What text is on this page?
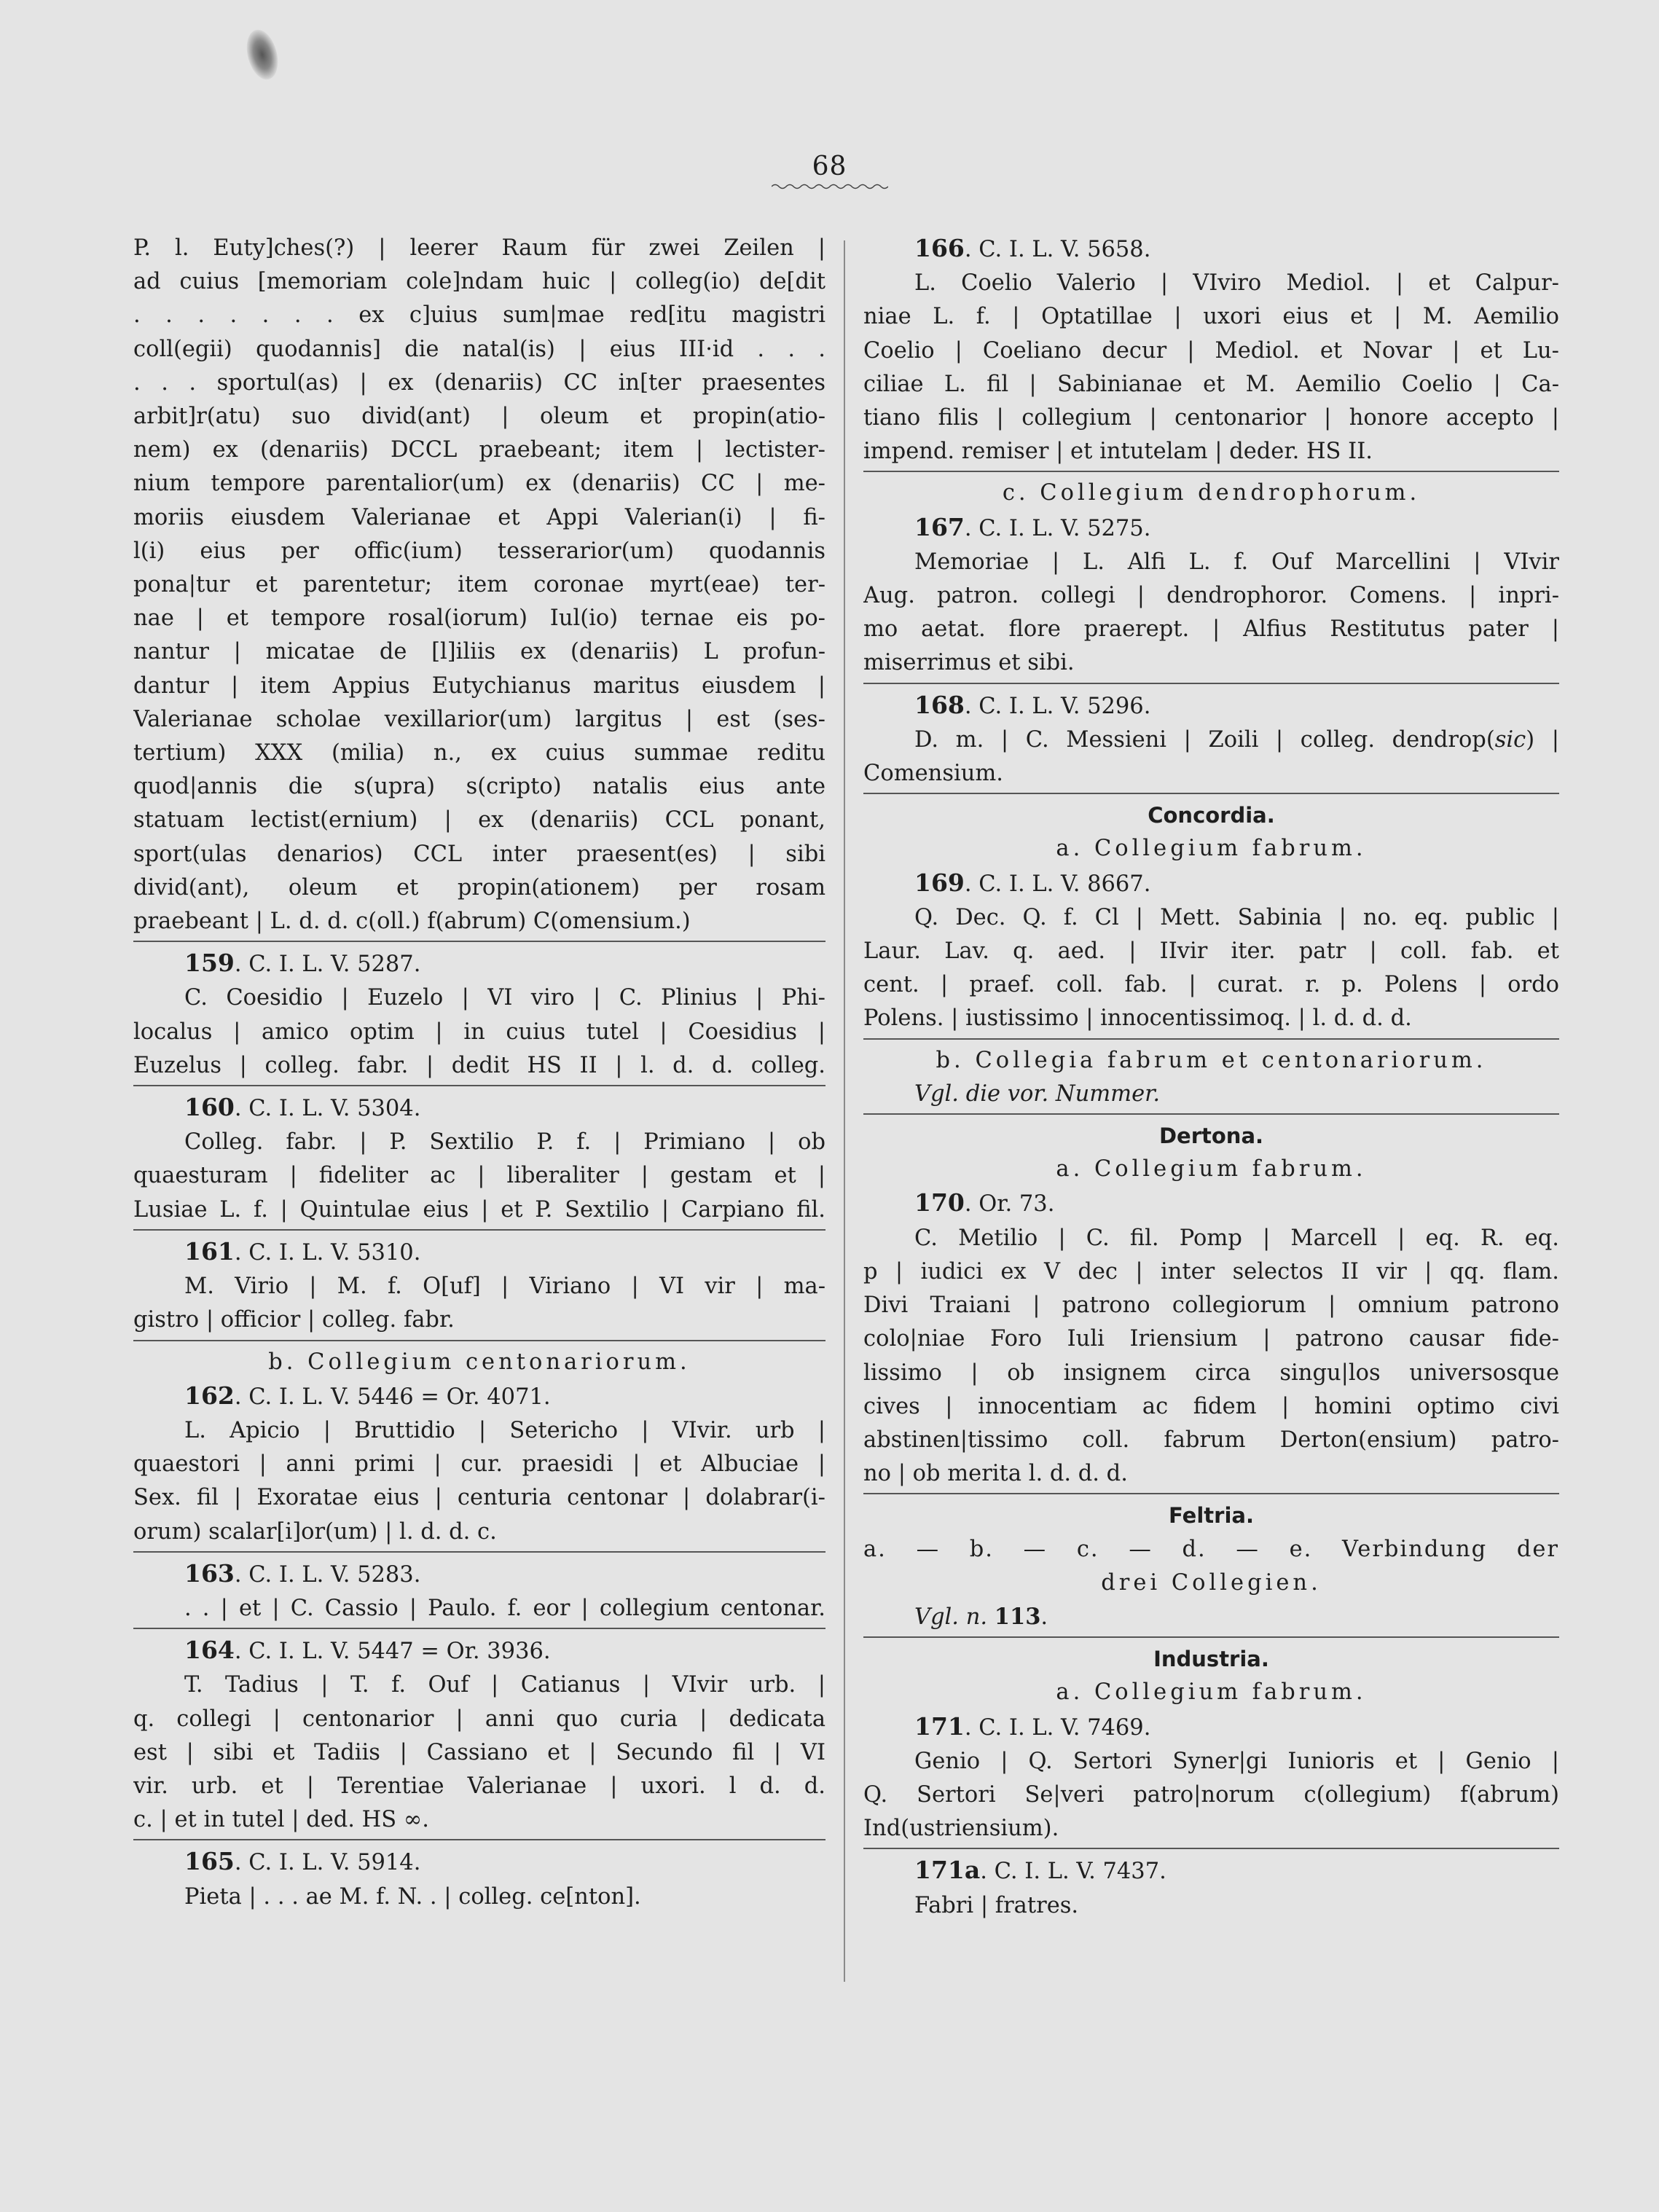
68
P. l. Euty]ches(?) | leerer Raum für zwei Zeilen |
ad cuius [memoriam cole]ndam huic | colleg(io) de[dit
. . . . . . . ex c]uius sum|mae red[itu magistri
coll(egii) quodannis] die natal(is) | eius III·id . . .
. . . sportul(as) | ex (denariis) CC in[ter praesentes
arbit]r(atu) suo divid(ant) | oleum et propin(atio-
nem) ex (denariis) DCCL praebeant; item | lectister-
nium tempore parentalior(um) ex (denariis) CC | me-
moriis eiusdem Valerianae et Appi Valerian(i) | fi-
l(i) eius per offic(ium) tesserarior(um) quodannis
pona|tur et parentetur; item coronae myrt(eae) ter-
nae | et tempore rosal(iorum) Iul(io) ternae eis po-
nantur | micatae de [l]iliis ex (denariis) L profun-
dantur | item Appius Eutychianus maritus eiusdem |
Valerianae scholae vexillarior(um) largitus | est (ses-
tertium) XXX (milia) n., ex cuius summae reditu
quod|annis die s(upra) s(cripto) natalis eius ante
statuam lectist(ernium) | ex (denariis) CCL ponant,
sport(ulas denarios) CCL inter praesent(es) | sibi
divid(ant), oleum et propin(ationem) per rosam
praebeant | L. d. d. c(oll.) f(abrum) C(omensium.)
159. C. I. L. V. 5287.
C. Coesidio | Euzelo | VI viro | C. Plinius | Phi-
localus | amico optim | in cuius tutel | Coesidius |
Euzelus | colleg. fabr. | dedit HS II | l. d. d. colleg.
160. C. I. L. V. 5304.
Colleg. fabr. | P. Sextilio P. f. | Primiano | ob
quaesturam | fideliter ac | liberaliter | gestam et |
Lusiae L. f. | Quintulae eius | et P. Sextilio | Carpiano fil.
161. C. I. L. V. 5310.
M. Virio | M. f. O[uf] | Viriano | VI vir | ma-
gistro | officior | colleg. fabr.
b. Collegium centonariorum.
162. C. I. L. V. 5446 = Or. 4071.
L. Apicio | Bruttidio | Setericho | VIvir. urb |
quaestori | anni primi | cur. praesidi | et Albuciae |
Sex. fil | Exoratae eius | centuria centonar | dolabrar(i-
orum) scalar[i]or(um) | l. d. d. c.
163. C. I. L. V. 5283.
. . | et | C. Cassio | Paulo. f. eor | collegium centonar.
164. C. I. L. V. 5447 = Or. 3936.
T. Tadius | T. f. Ouf | Catianus | VIvir urb. |
q. collegi | centonarior | anni quo curia | dedicata
est | sibi et Tadiis | Cassiano et | Secundo fil | VI
vir. urb. et | Terentiae Valerianae | uxori. l d. d.
c. | et in tutel | ded. HS ∞.
165. C. I. L. V. 5914.
Pieta | . . . ae M. f. N. . | colleg. ce[nton].
166. C. I. L. V. 5658.
L. Coelio Valerio | VIviro Mediol. | et Calpur-
niae L. f. | Optatillae | uxori eius et | M. Aemilio
Coelio | Coeliano decur | Mediol. et Novar | et Lu-
ciliae L. fil | Sabinianae et M. Aemilio Coelio | Ca-
tiano filis | collegium | centonarior | honore accepto |
impend. remiser | et intutelam | deder. HS II.
c. Collegium dendrophorum.
167. C. I. L. V. 5275.
Memoriae | L. Alfi L. f. Ouf Marcellini | VIvir
Aug. patron. collegi | dendrophoror. Comens. | inpri-
mo aetat. flore praerept. | Alfius Restitutus pater |
miserrimus et sibi.
168. C. I. L. V. 5296.
D. m. | C. Messieni | Zoili | colleg. dendrop(sic) |
Comensium.
Concordia.
a. Collegium fabrum.
169. C. I. L. V. 8667.
Q. Dec. Q. f. Cl | Mett. Sabinia | no. eq. public |
Laur. Lav. q. aed. | IIvir iter. patr | coll. fab. et
cent. | praef. coll. fab. | curat. r. p. Polens | ordo
Polens. | iustissimo | innocentissimoq. | l. d. d. d.
b. Collegia fabrum et centonariorum.
Vgl. die vor. Nummer.
Dertona.
a. Collegium fabrum.
170. Or. 73.
C. Metilio | C. fil. Pomp | Marcell | eq. R. eq.
p | iudici ex V dec | inter selectos II vir | qq. flam.
Divi Traiani | patrono collegiorum | omnium patrono
colo|niae Foro Iuli Iriensium | patrono causar fide-
lissimo | ob insignem circa singu|los universosque
cives | innocentiam ac fidem | homini optimo civi
abstinen|tissimo coll. fabrum Derton(ensium) patro-
no | ob merita l. d. d. d.
Feltria.
a. — b. — c. — d. — e. Verbindung der
drei Collegien.
Vgl. n. 113.
Industria.
a. Collegium fabrum.
171. C. I. L. V. 7469.
Genio | Q. Sertori Syner|gi Iunioris et | Genio |
Q. Sertori Se|veri patro|norum c(ollegium) f(abrum)
Ind(ustriensium).
171a. C. I. L. V. 7437.
Fabri | fratres.
